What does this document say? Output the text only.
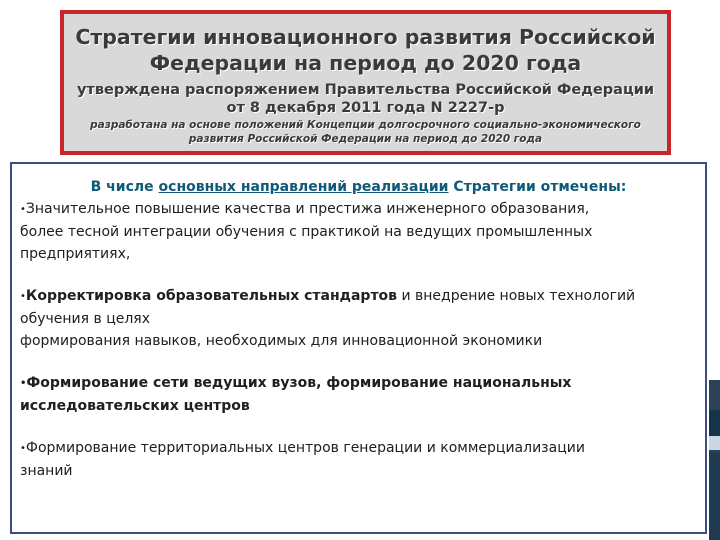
Стратегии инновационного развития Российской
Федерации на период до 2020 года
утверждена распоряжением Правительства Российской Федерации
от 8 декабря 2011 года N 2227-р
разработана на основе положений Концепции долгосрочного социально-экономического
развития Российской Федерации на период до 2020 года

В числе основных направлений реализации Стратегии отмечены:

•Значительное повышение качества и престижа инженерного образования,
более тесной интеграции обучения с практикой на ведущих промышленных
предприятиях,

•Корректировка образовательных стандартов и внедрение новых технологий
обучения в целях
формирования навыков, необходимых для инновационной экономики

•Формирование сети ведущих вузов, формирование национальных
исследовательских центров

•Формирование территориальных центров генерации и коммерциализации
знаний
